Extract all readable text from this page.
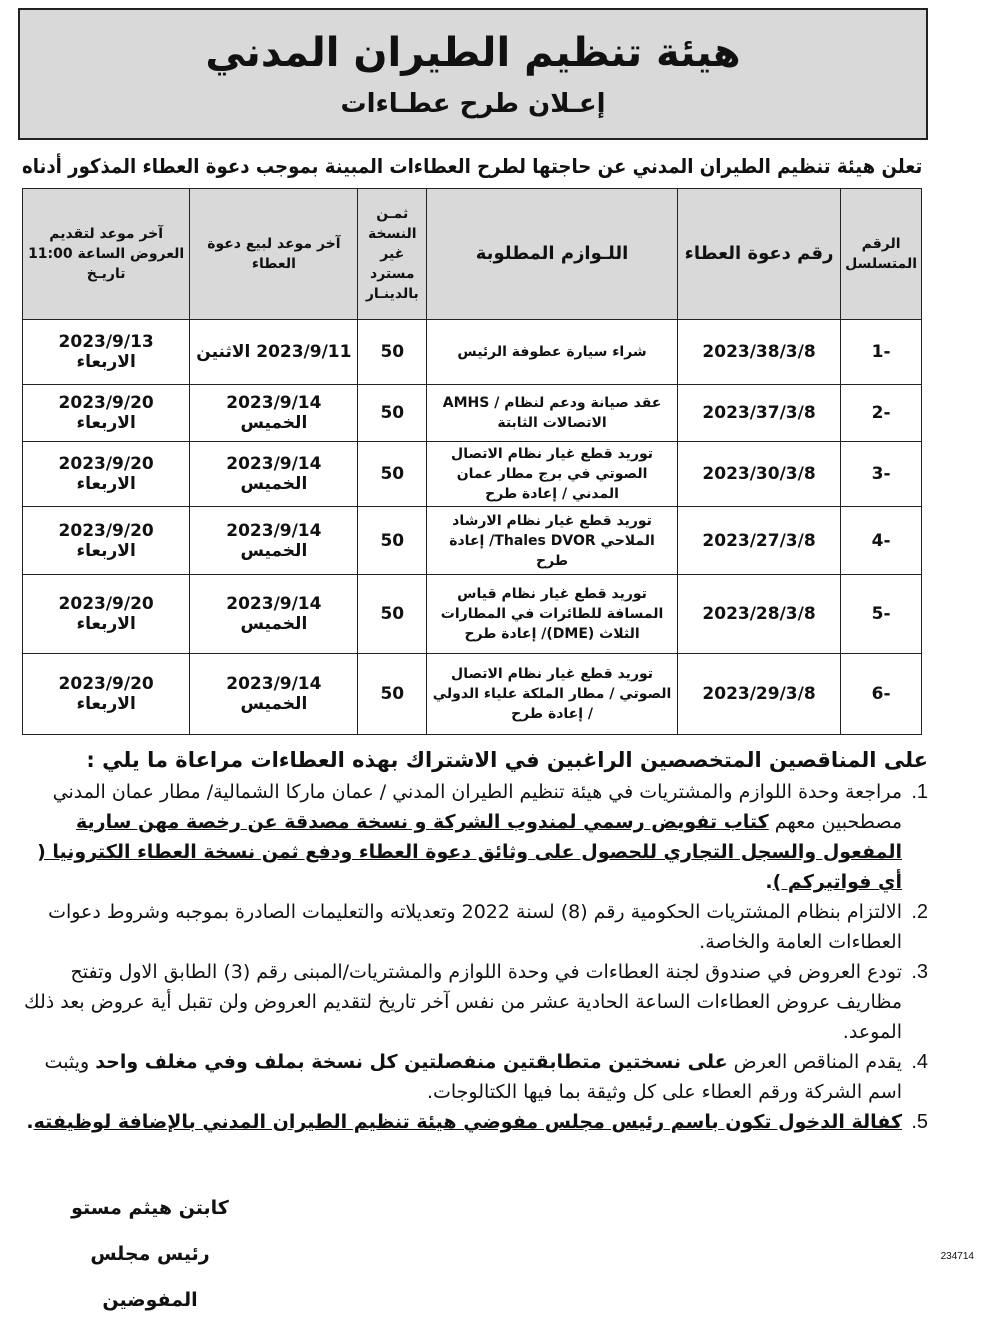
هيئة تنظيم الطيران المدني
إعـلان طرح عطـاءات
تعلن هيئة تنظيم الطيران المدني عن حاجتها لطرح العطاءات المبينة بموجب دعوة العطاء المذكور أدناه
الرقم المتسلسل	رقم دعوة العطاء	اللـوازم المطلوبة	ثمـن النسخة غير مسترد بالدينـار	آخر موعد لبيع دعوة العطاء	آخر موعد لتقديم العروض الساعة 11:00 تاريـخ
-1	2023/38/3/8	شراء سيارة عطوفة الرئيس	50	2023/9/11 الاثنين	2023/9/13 الاربعاء
-2	2023/37/3/8	عقد صيانة ودعم لنظام / AMHS الاتصالات الثابتة	50	2023/9/14 الخميس	2023/9/20 الاربعاء
-3	2023/30/3/8	توريد قطع غيار نظام الاتصال الصوتي في برج مطار عمان المدني / إعادة طرح	50	2023/9/14 الخميس	2023/9/20 الاربعاء
-4	2023/27/3/8	توريد قطع غيار نظام الارشاد الملاحي Thales DVOR/ إعادة طرح	50	2023/9/14 الخميس	2023/9/20 الاربعاء
-5	2023/28/3/8	توريد قطع غيار نظام قياس المسافة للطائرات في المطارات الثلاث (DME)/ إعادة طرح	50	2023/9/14 الخميس	2023/9/20 الاربعاء
-6	2023/29/3/8	توريد قطع غيار نظام الاتصال الصوتي / مطار الملكة علياء الدولي / إعادة طرح	50	2023/9/14 الخميس	2023/9/20 الاربعاء
على المناقصين المتخصصين الراغبين في الاشتراك بهذه العطاءات مراعاة ما يلي :
1.
مراجعة وحدة اللوازم والمشتريات في هيئة تنظيم الطيران المدني / عمان ماركا الشمالية/ مطار عمان المدني مصطحبين معهم كتاب تفويض رسمي لمندوب الشركة و نسخة مصدقة عن رخصة مهن سارية المفعول والسجل التجاري للحصول على وثائق دعوة العطاء ودفع ثمن نسخة العطاء الكترونيا ( أي فواتيركم ).
2.
الالتزام بنظام المشتريات الحكومية رقم (8) لسنة 2022 وتعديلاته والتعليمات الصادرة بموجبه وشروط دعوات العطاءات العامة والخاصة.
3.
تودع العروض في صندوق لجنة العطاءات في وحدة اللوازم والمشتريات/المبنى رقم (3) الطابق الاول وتفتح مظاريف عروض العطاءات الساعة الحادية عشر من نفس آخر تاريخ لتقديم العروض ولن تقبل أية عروض بعد ذلك الموعد.
4.
يقدم المناقص العرض على نسختين متطابقتين منفصلتين كل نسخة بملف وفي مغلف واحد ويثبت اسم الشركة ورقم العطاء على كل وثيقة بما فيها الكتالوجات.
5.
كفالة الدخول تكون باسم رئيس مجلس مفوضي هيئة تنظيم الطيران المدني بالإضافة لوظيفته.
كابتن هيثم مستو
رئيس مجلس المفوضين
234714
